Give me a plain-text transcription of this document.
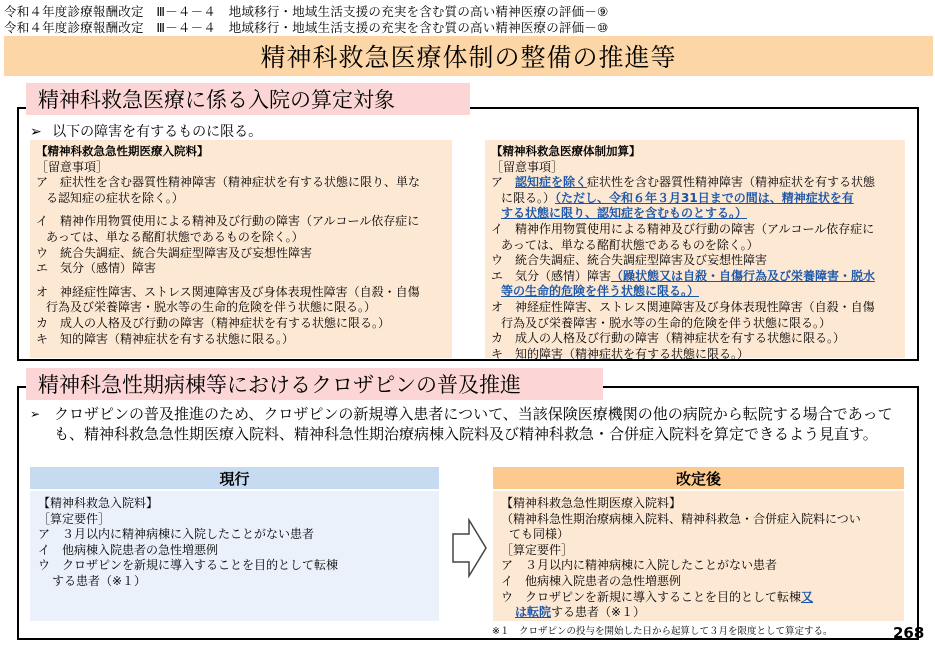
令和４年度診療報酬改定　Ⅲ－４－４　地域移行・地域生活支援の充実を含む質の高い精神医療の評価－⑨
令和４年度診療報酬改定　Ⅲ－４－４　地域移行・地域生活支援の充実を含む質の高い精神医療の評価－⑩
精神科救急医療体制の整備の推進等
精神科救急医療に係る入院の算定対象
➢ 以下の障害を有するものに限る。
【精神科救急急性期医療入院料】
［留意事項］
ア　症状性を含む器質性精神障害（精神症状を有する状態に限り、単な
る認知症の症状を除く。）
イ　精神作用物質使用による精神及び行動の障害（アルコール依存症に
あっては、単なる酩酊状態であるものを除く。）
ウ　統合失調症、統合失調症型障害及び妄想性障害
エ　気分（感情）障害
オ　神経症性障害、ストレス関連障害及び身体表現性障害（自殺・自傷
行為及び栄養障害・脱水等の生命的危険を伴う状態に限る。）
カ　成人の人格及び行動の障害（精神症状を有する状態に限る。）
キ　知的障害（精神症状を有する状態に限る。）
【精神科救急医療体制加算】
［留意事項］
ア　認知症を除く症状性を含む器質性精神障害（精神症状を有する状態
に限る。）（ただし、令和６年３月31日までの間は、精神症状を有
する状態に限り、認知症を含むものとする。）
イ　精神作用物質使用による精神及び行動の障害（アルコール依存症に
あっては、単なる酩酊状態であるものを除く。）
ウ　統合失調症、統合失調症型障害及び妄想性障害
エ　気分（感情）障害（躁状態又は自殺・自傷行為及び栄養障害・脱水
等の生命的危険を伴う状態に限る。）
オ　神経症性障害、ストレス関連障害及び身体表現性障害（自殺・自傷
行為及び栄養障害・脱水等の生命的危険を伴う状態に限る。）
カ　成人の人格及び行動の障害（精神症状を有する状態に限る。）
キ　知的障害（精神症状を有する状態に限る。）
精神科急性期病棟等におけるクロザピンの普及推進
➢ クロザピンの普及推進のため、クロザピンの新規導入患者について、当該保険医療機関の他の病院から転院する場合であっても、精神科救急急性期医療入院料、精神科急性期治療病棟入院料及び精神科救急・合併症入院料を算定できるよう見直す。
現行
【精神科救急入院料】
［算定要件］
ア　３月以内に精神病棟に入院したことがない患者
イ　他病棟入院患者の急性増悪例
ウ　クロザピンを新規に導入することを目的として転棟
する患者（※１）
改定後
【精神科救急急性期医療入院料】
（精神科急性期治療病棟入院料、精神科救急・合併症入院料につい
ても同様）
［算定要件］
ア　３月以内に精神病棟に入院したことがない患者
イ　他病棟入院患者の急性増悪例
ウ　クロザピンを新規に導入することを目的として転棟又
は転院する患者（※１）
※１　クロザピンの投与を開始した日から起算して３月を限度として算定する。	268
